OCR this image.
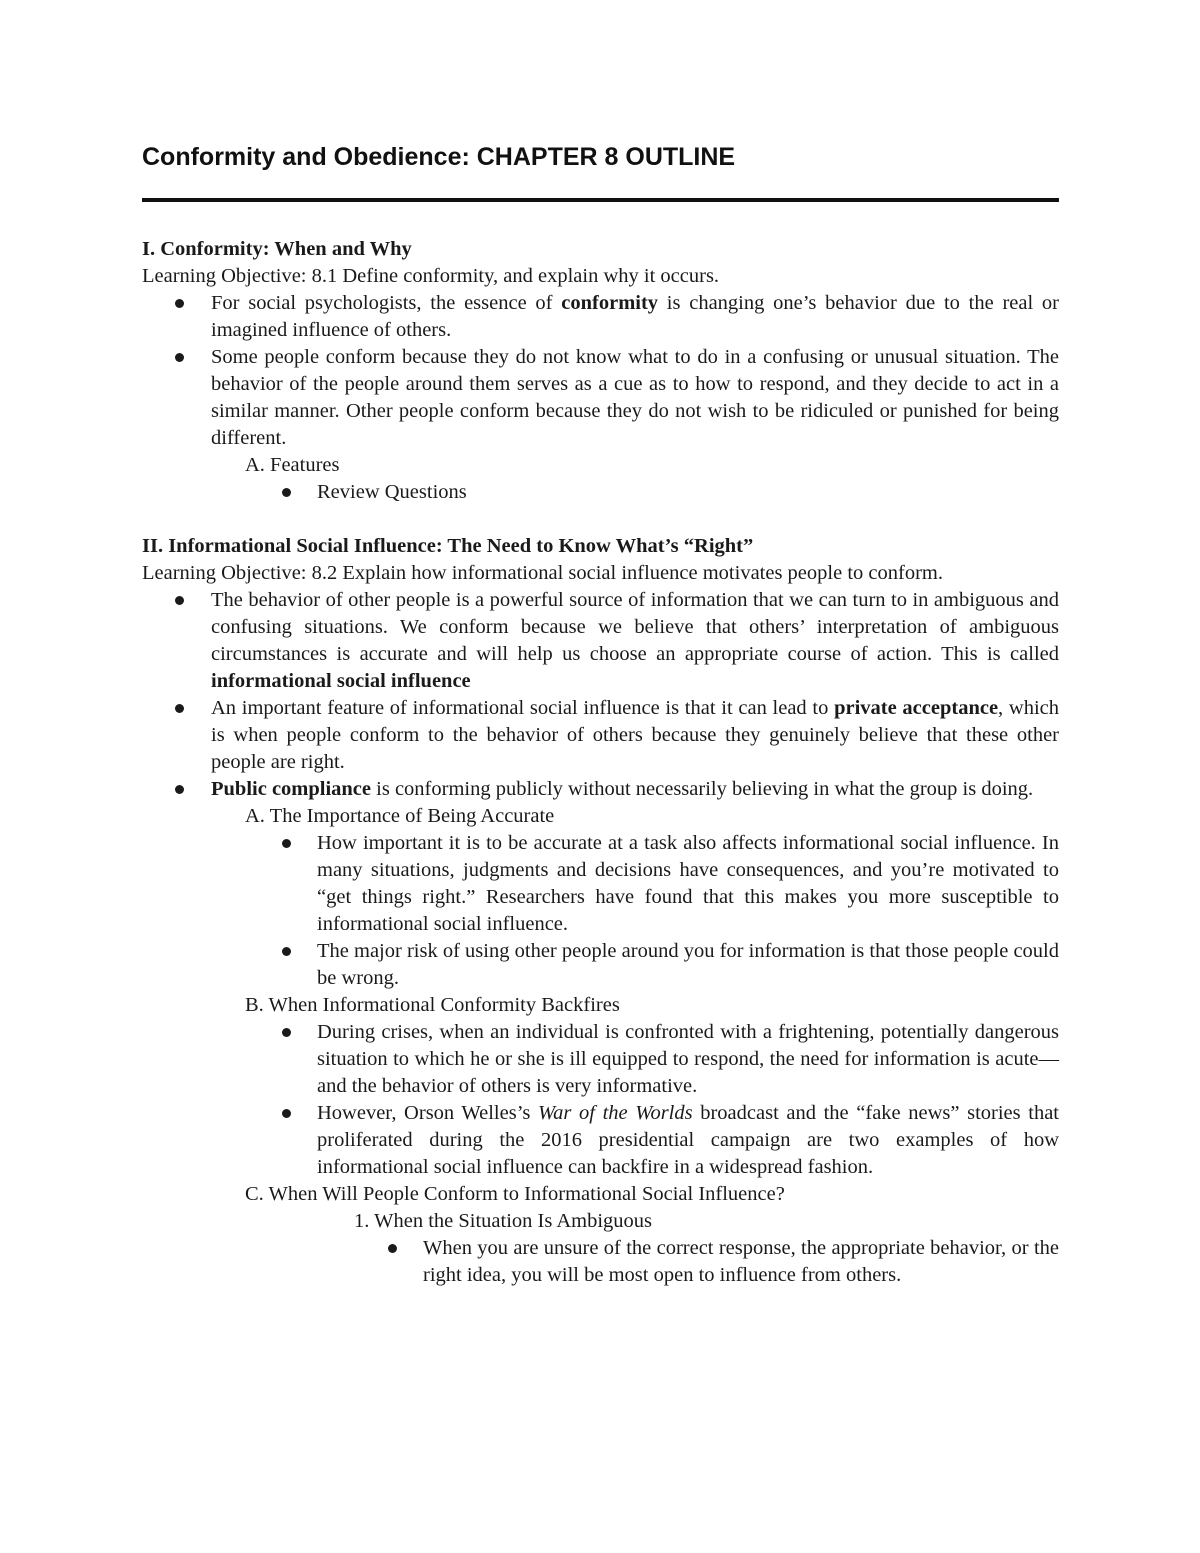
Conformity and Obedience: CHAPTER 8 OUTLINE

I. Conformity: When and Why

Learning Objective: 8.1 Define conformity, and explain why it occurs.

For social psychologists, the essence of conformity is changing one’s behavior due to the real or imagined influence of others.
Some people conform because they do not know what to do in a confusing or unusual situation. The behavior of the people around them serves as a cue as to how to respond, and they decide to act in a similar manner. Other people conform because they do not wish to be ridiculed or punished for being different.

A. Features

Review Questions

II. Informational Social Influence: The Need to Know What’s “Right”

Learning Objective: 8.2 Explain how informational social influence motivates people to conform.

The behavior of other people is a powerful source of information that we can turn to in ambiguous and confusing situations. We conform because we believe that others’ interpretation of ambiguous circumstances is accurate and will help us choose an appropriate course of action. This is called informational social influence
An important feature of informational social influence is that it can lead to private acceptance, which is when people conform to the behavior of others because they genuinely believe that these other people are right.
Public compliance is conforming publicly without necessarily believing in what the group is doing.

A. The Importance of Being Accurate

How important it is to be accurate at a task also affects informational social influence. In many situations, judgments and decisions have consequences, and you’re motivated to “get things right.” Researchers have found that this makes you more susceptible to informational social influence.
The major risk of using other people around you for information is that those people could be wrong.

B. When Informational Conformity Backfires

During crises, when an individual is confronted with a frightening, potentially dangerous situation to which he or she is ill equipped to respond, the need for information is acute—and the behavior of others is very informative.
However, Orson Welles’s War of the Worlds broadcast and the “fake news” stories that proliferated during the 2016 presidential campaign are two examples of how informational social influence can backfire in a widespread fashion.

C. When Will People Conform to Informational Social Influence?

1. When the Situation Is Ambiguous

When you are unsure of the correct response, the appropriate behavior, or the right idea, you will be most open to influence from others.
